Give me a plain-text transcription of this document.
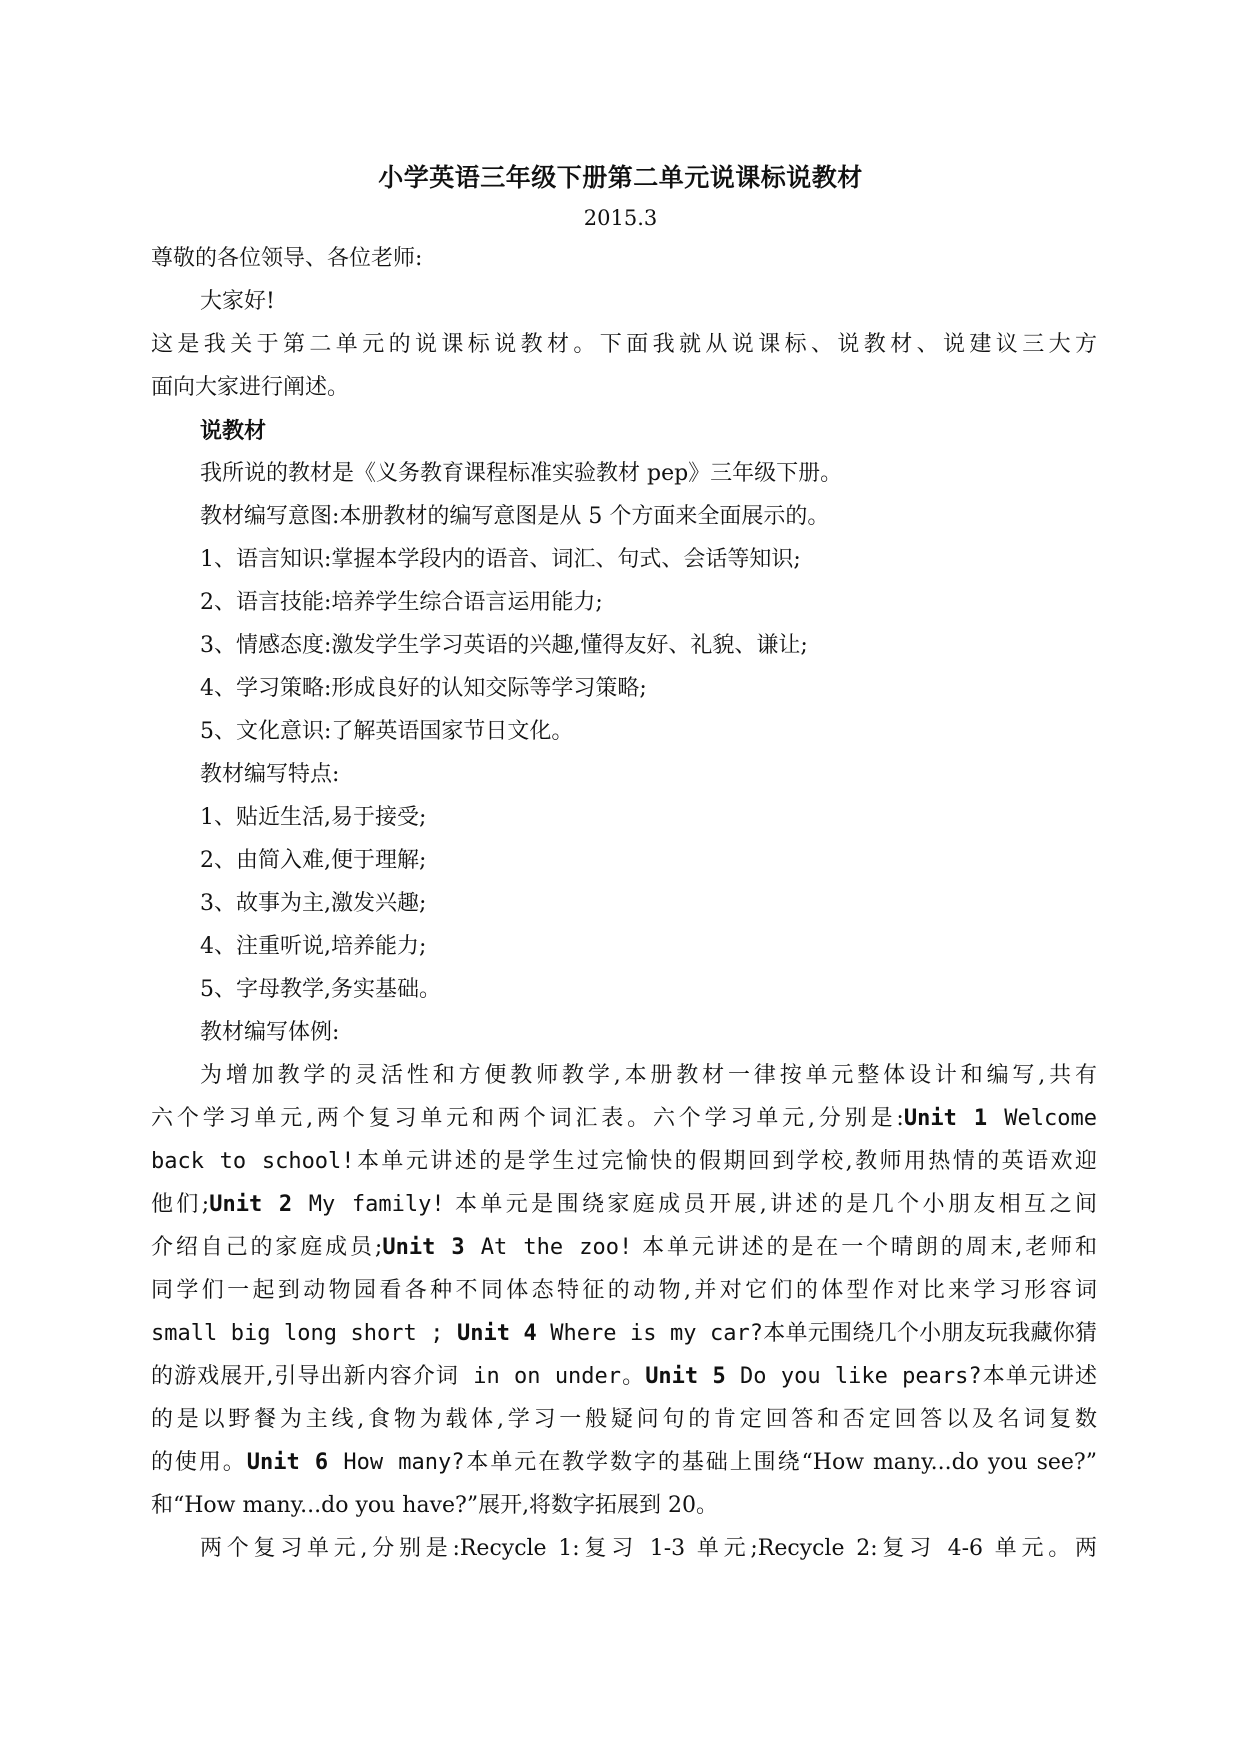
小学英语三年级下册第二单元说课标说教材
2015.3
尊敬的各位领导、各位老师:
大家好!
这是我关于第二单元的说课标说教材。下面我就从说课标、说教材、说建议三大方
面向大家进行阐述。
说教材
我所说的教材是《义务教育课程标准实验教材 pep》三年级下册。
教材编写意图:本册教材的编写意图是从 5 个方面来全面展示的。
1、语言知识:掌握本学段内的语音、词汇、句式、会话等知识;
2、语言技能:培养学生综合语言运用能力;
3、情感态度:激发学生学习英语的兴趣,懂得友好、礼貌、谦让;
4、学习策略:形成良好的认知交际等学习策略;
5、文化意识:了解英语国家节日文化。
教材编写特点:
1、贴近生活,易于接受;
2、由简入难,便于理解;
3、故事为主,激发兴趣;
4、注重听说,培养能力;
5、字母教学,务实基础。
教材编写体例:
为增加教学的灵活性和方便教师教学,本册教材一律按单元整体设计和编写,共有
六个学习单元,两个复习单元和两个词汇表。六个学习单元,分别是:Unit 1 Welcome
back to school!本单元讲述的是学生过完愉快的假期回到学校,教师用热情的英语欢迎
他们;Unit 2 My family! 本单元是围绕家庭成员开展,讲述的是几个小朋友相互之间
介绍自己的家庭成员;Unit 3 At the zoo! 本单元讲述的是在一个晴朗的周末,老师和
同学们一起到动物园看各种不同体态特征的动物,并对它们的体型作对比来学习形容词
small big long short ; Unit 4 Where is my car?本单元围绕几个小朋友玩我藏你猜
的游戏展开,引导出新内容介词 in on under。Unit 5 Do you like pears?本单元讲述
的是以野餐为主线,食物为载体,学习一般疑问句的肯定回答和否定回答以及名词复数
的使用。Unit 6 How many?本单元在教学数字的基础上围绕“How many...do you see?”
和“How many...do you have?”展开,将数字拓展到 20。
两个复习单元,分别是:Recycle 1:复习 1-3 单元;Recycle 2:复习 4-6 单元。两
